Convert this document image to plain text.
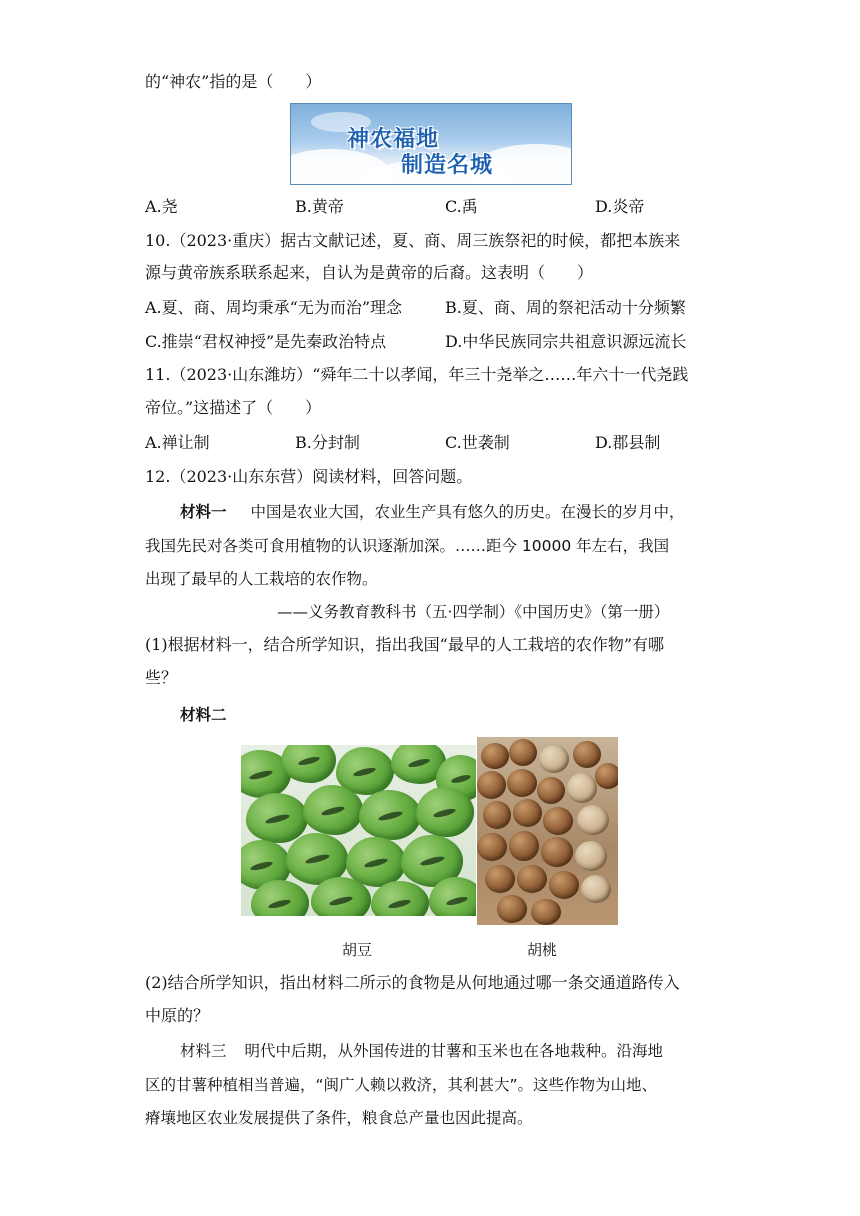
的“神农”指的是（　　）
神农福地
制造名城
A.尧	B.黄帝	C.禹	D.炎帝
10.（2023·重庆）据古文献记述，夏、商、周三族祭祀的时候，都把本族来
源与黄帝族系联系起来，自认为是黄帝的后裔。这表明（　　）
A.夏、商、周均秉承“无为而治”理念	B.夏、商、周的祭祀活动十分频繁
C.推崇“君权神授”是先秦政治特点	D.中华民族同宗共祖意识源远流长
11.（2023·山东潍坊）“舜年二十以孝闻，年三十尧举之……年六十一代尧践
帝位。”这描述了（　　）
A.禅让制	B.分封制	C.世袭制	D.郡县制
12.（2023·山东东营）阅读材料，回答问题。
材料一 中国是农业大国，农业生产具有悠久的历史。在漫长的岁月中，
我国先民对各类可食用植物的认识逐渐加深。……距今 10000 年左右，我国
出现了最早的人工栽培的农作物。
——义务教育教科书（五·四学制）《中国历史》（第一册）
(1)根据材料一，结合所学知识，指出我国“最早的人工栽培的农作物”有哪
些？
材料二
胡豆	胡桃
(2)结合所学知识，指出材料二所示的食物是从何地通过哪一条交通道路传入
中原的？
材料三 明代中后期，从外国传进的甘薯和玉米也在各地栽种。沿海地
区的甘薯种植相当普遍，“闽广人赖以救济，其利甚大”。这些作物为山地、
瘠壤地区农业发展提供了条件，粮食总产量也因此提高。
